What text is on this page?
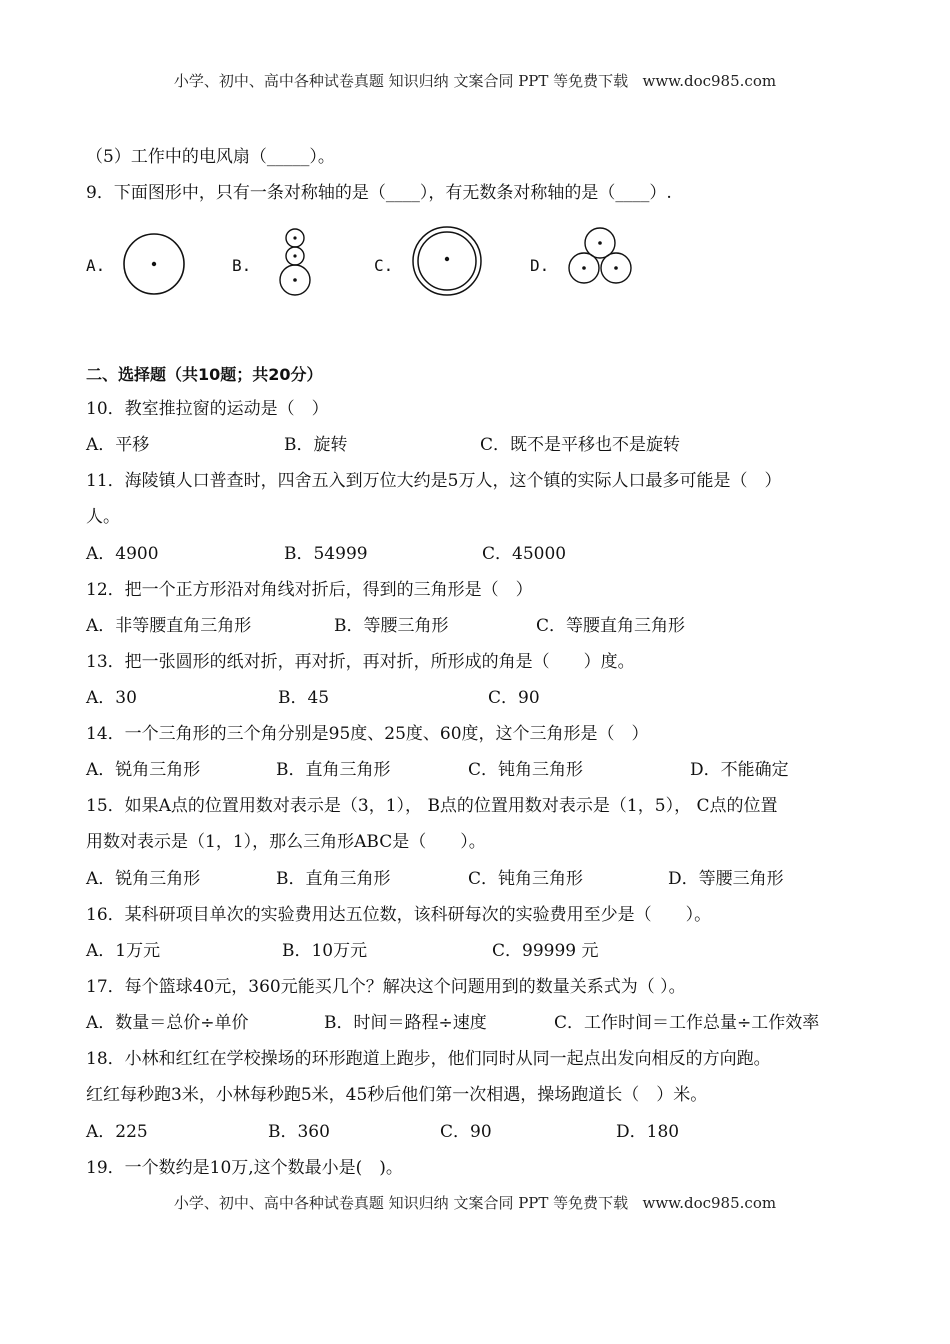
小学、初中、高中各种试卷真题 知识归纳 文案合同 PPT 等免费下载   www.doc985.com
（5）工作中的电风扇（_____）。
9．下面图形中，只有一条对称轴的是（____），有无数条对称轴的是（____）.
A.	B.	C.	D.
二、选择题（共10题；共20分）
10．教室推拉窗的运动是（　）
A．平移	B．旋转	C．既不是平移也不是旋转
11．海陵镇人口普查时，四舍五入到万位大约是5万人，这个镇的实际人口最多可能是（　）
人。
A．4900	B．54999	C．45000
12．把一个正方形沿对角线对折后，得到的三角形是（　）
A．非等腰直角三角形	B．等腰三角形	C．等腰直角三角形
13．把一张圆形的纸对折，再对折，再对折，所形成的角是（　　）度。
A．30	B．45	C．90
14．一个三角形的三个角分别是95度、25度、60度，这个三角形是（　）
A．锐角三角形	B．直角三角形	C．钝角三角形	D．不能确定
15．如果A点的位置用数对表示是（3，1）， B点的位置用数对表示是（1，5）， C点的位置
用数对表示是（1，1），那么三角形ABC是（　　）。
A．锐角三角形	B．直角三角形	C．钝角三角形	D．等腰三角形
16．某科研项目单次的实验费用达五位数，该科研每次的实验费用至少是（　　）。
A．1万元	B．10万元	C．99999 元
17．每个篮球40元，360元能买几个？解决这个问题用到的数量关系式为（ ）。
A．数量＝总价÷单价	B．时间＝路程÷速度	C．工作时间＝工作总量÷工作效率
18．小林和红红在学校操场的环形跑道上跑步，他们同时从同一起点出发向相反的方向跑。
红红每秒跑3米，小林每秒跑5米，45秒后他们第一次相遇，操场跑道长（　）米。
A．225	B．360	C．90	D．180
19．一个数约是10万,这个数最小是(　)。
小学、初中、高中各种试卷真题 知识归纳 文案合同 PPT 等免费下载   www.doc985.com
